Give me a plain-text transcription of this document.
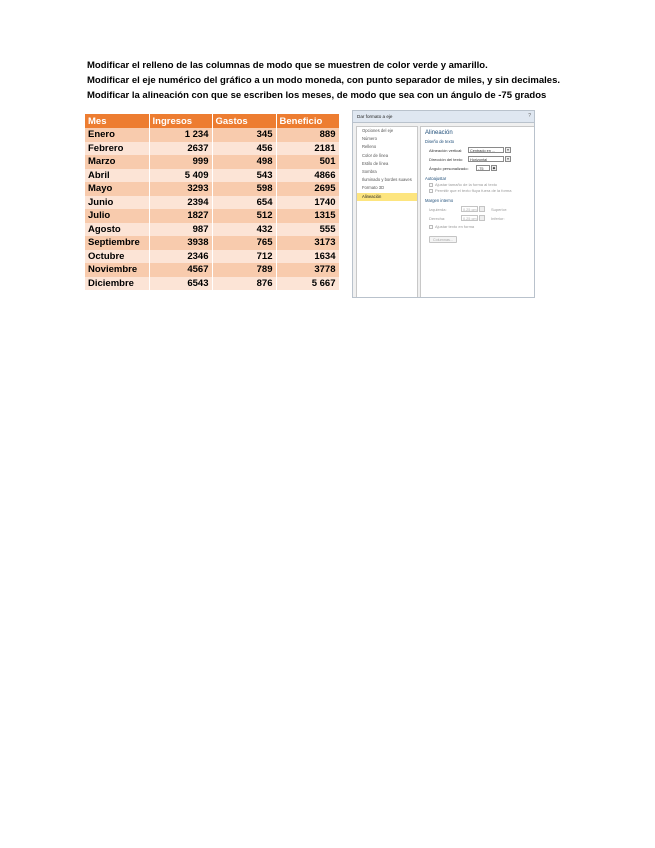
Modificar el relleno de las columnas de modo que se muestren de color verde y amarillo.
Modificar el eje numérico del gráfico a un modo moneda, con punto separador de miles, y sin decimales.
Modificar la alineación con que se escriben los meses, de modo que sea con un ángulo de -75 grados
Mes	Ingresos	Gastos	Beneficio
Enero	1 234	345	889
Febrero	2637	456	2181
Marzo	999	498	501
Abril	5 409	543	4866
Mayo	3293	598	2695
Junio	2394	654	1740
Julio	1827	512	1315
Agosto	987	432	555
Septiembre	3938	765	3173
Octubre	2346	712	1634
Noviembre	4567	789	3778
Diciembre	6543	876	5 667
Dar formato a eje	?
Opciones del eje
Número
Relleno
Color de línea
Estilo de línea
Sombra
Iluminado y bordes suaves
Formato 3D
Alineación
Alineación
Diseño de texto
Alineación vertical:	Centrado en ...	▾
Dirección del texto:	Horizontal	▾
Ángulo personalizado:	-75	◆
Autoajustar
Ajustar tamaño de la forma al texto
Permitir que el texto fluya fuera de la forma
Margen interno
Izquierda:	0,25 cm	Superior:
Derecha:	0,25 cm	Inferior:
Ajustar texto en forma
Columnas...
